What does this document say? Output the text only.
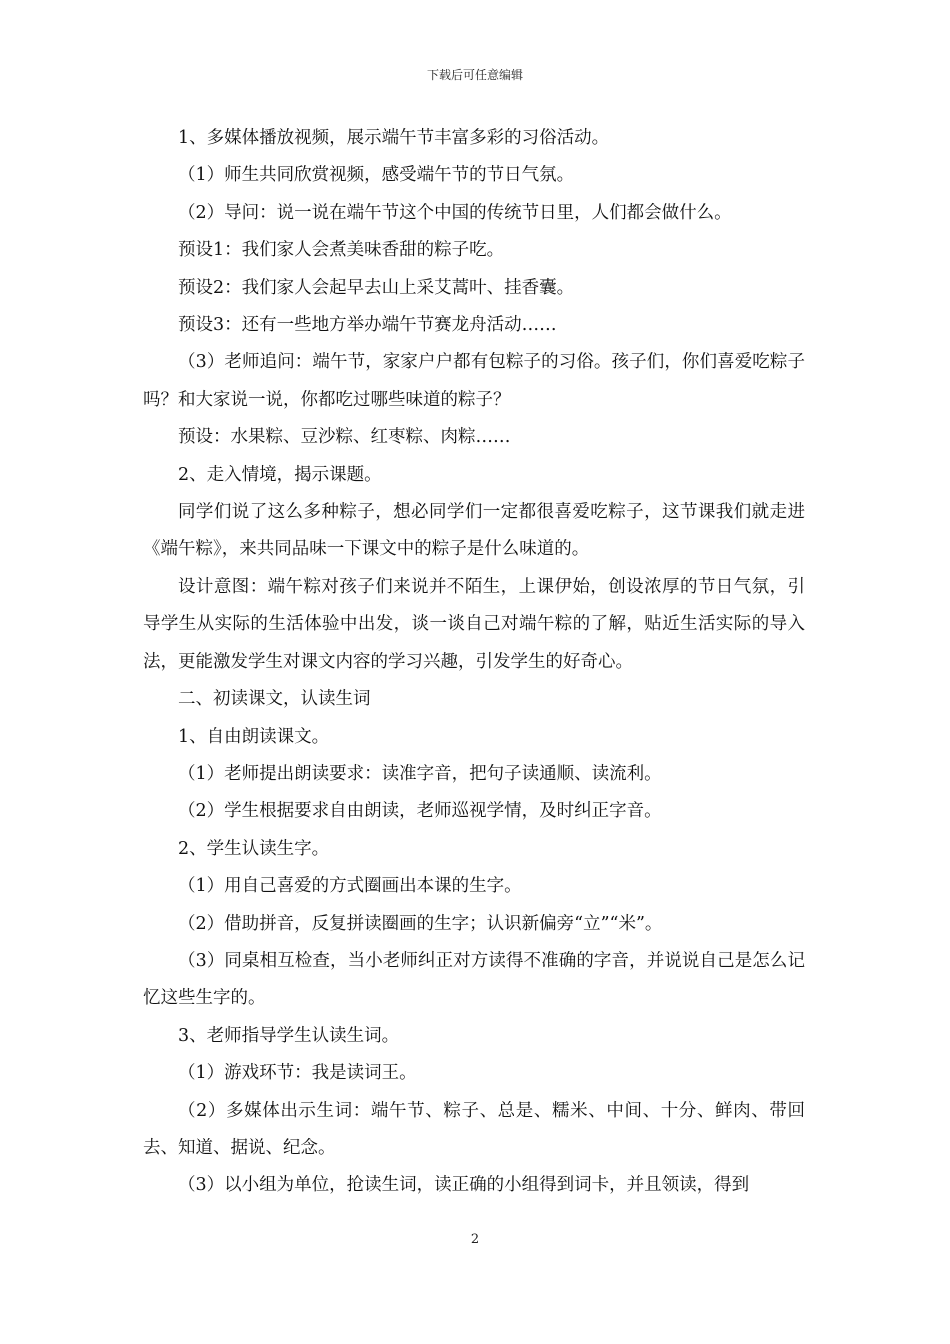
下载后可任意编辑

1、多媒体播放视频，展示端午节丰富多彩的习俗活动。

（1）师生共同欣赏视频，感受端午节的节日气氛。

（2）导问：说一说在端午节这个中国的传统节日里，人们都会做什么。

预设1：我们家人会煮美味香甜的粽子吃。

预设2：我们家人会起早去山上采艾蒿叶、挂香囊。

预设3：还有一些地方举办端午节赛龙舟活动……

（3）老师追问：端午节，家家户户都有包粽子的习俗。孩子们，你们喜爱吃粽子吗？和大家说一说，你都吃过哪些味道的粽子？

预设：水果粽、豆沙粽、红枣粽、肉粽……

2、走入情境，揭示课题。

同学们说了这么多种粽子，想必同学们一定都很喜爱吃粽子，这节课我们就走进《端午粽》，来共同品味一下课文中的粽子是什么味道的。

设计意图：端午粽对孩子们来说并不陌生，上课伊始，创设浓厚的节日气氛，引导学生从实际的生活体验中出发，谈一谈自己对端午粽的了解，贴近生活实际的导入法，更能激发学生对课文内容的学习兴趣，引发学生的好奇心。

二、初读课文，认读生词

1、自由朗读课文。

（1）老师提出朗读要求：读准字音，把句子读通顺、读流利。

（2）学生根据要求自由朗读，老师巡视学情，及时纠正字音。

2、学生认读生字。

（1）用自己喜爱的方式圈画出本课的生字。

（2）借助拼音，反复拼读圈画的生字；认识新偏旁“立”“米”。

（3）同桌相互检查，当小老师纠正对方读得不准确的字音，并说说自己是怎么记忆这些生字的。

3、老师指导学生认读生词。

（1）游戏环节：我是读词王。

（2）多媒体出示生词：端午节、粽子、总是、糯米、中间、十分、鲜肉、带回去、知道、据说、纪念。

（3）以小组为单位，抢读生词，读正确的小组得到词卡，并且领读，得到

2
